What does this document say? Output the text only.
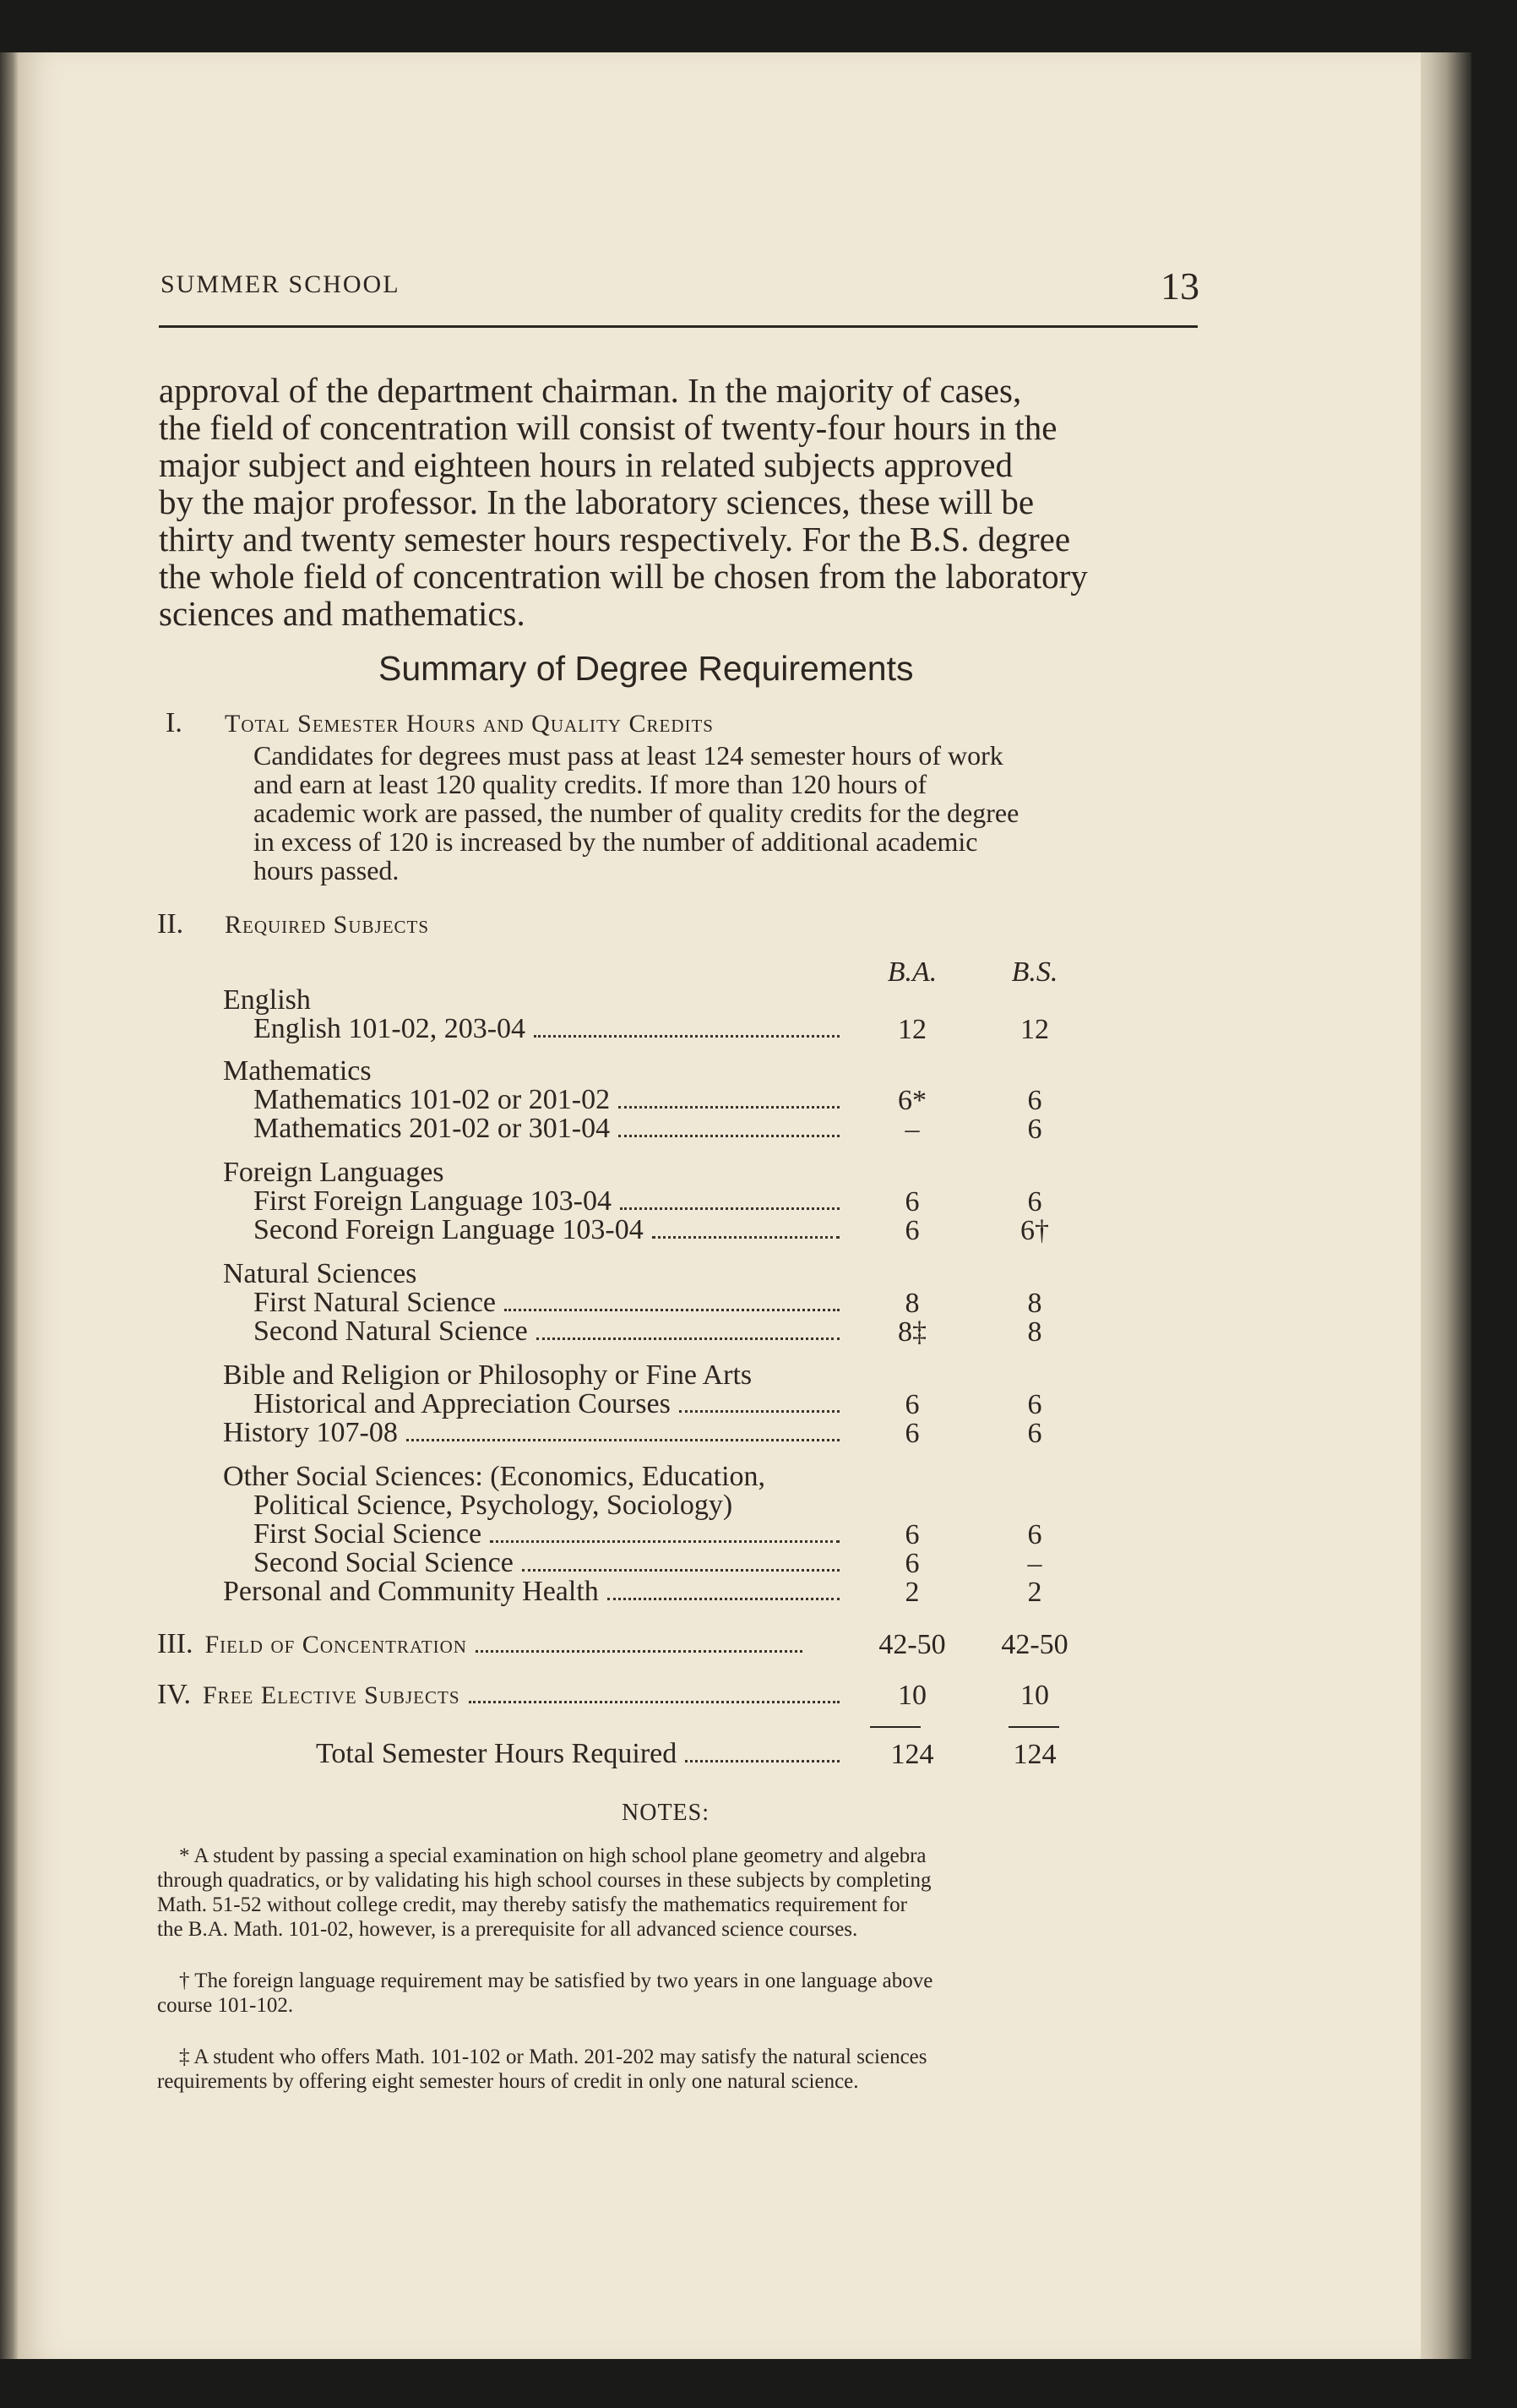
SUMMER SCHOOL	13
approval of the department chairman. In the majority of cases,
the field of concentration will consist of twenty-four hours in the
major subject and eighteen hours in related subjects approved
by the major professor. In the laboratory sciences, these will be
thirty and twenty semester hours respectively. For the B.S. degree
the whole field of concentration will be chosen from the laboratory
sciences and mathematics.
Summary of Degree Requirements
I. Total Semester Hours and Quality Credits
Candidates for degrees must pass at least 124 semester hours of work
and earn at least 120 quality credits. If more than 120 hours of
academic work are passed, the number of quality credits for the degree
in excess of 120 is increased by the number of additional academic
hours passed.
II. Required Subjects
B.A.	B.S.
English
English 101-02, 203-04	12	12
Mathematics
Mathematics 101-02 or 201-02	6*	6
Mathematics 201-02 or 301-04	–	6
Foreign Languages
First Foreign Language 103-04	6	6
Second Foreign Language 103-04	6	6†
Natural Sciences
First Natural Science	8	8
Second Natural Science	8‡	8
Bible and Religion or Philosophy or Fine Arts
Historical and Appreciation Courses	6	6
History 107-08	6	6
Other Social Sciences: (Economics, Education,
Political Science, Psychology, Sociology)
First Social Science	6	6
Second Social Science	6	–
Personal and Community Health	2	2
III. Field of Concentration	42-50	42-50
IV. Free Elective Subjects	10	10
Total Semester Hours Required	124	124
NOTES:
* A student by passing a special examination on high school plane geometry and algebra
through quadratics, or by validating his high school courses in these subjects by completing
Math. 51-52 without college credit, may thereby satisfy the mathematics requirement for
the B.A. Math. 101-02, however, is a prerequisite for all advanced science courses.
† The foreign language requirement may be satisfied by two years in one language above
course 101-102.
‡ A student who offers Math. 101-102 or Math. 201-202 may satisfy the natural sciences
requirements by offering eight semester hours of credit in only one natural science.
